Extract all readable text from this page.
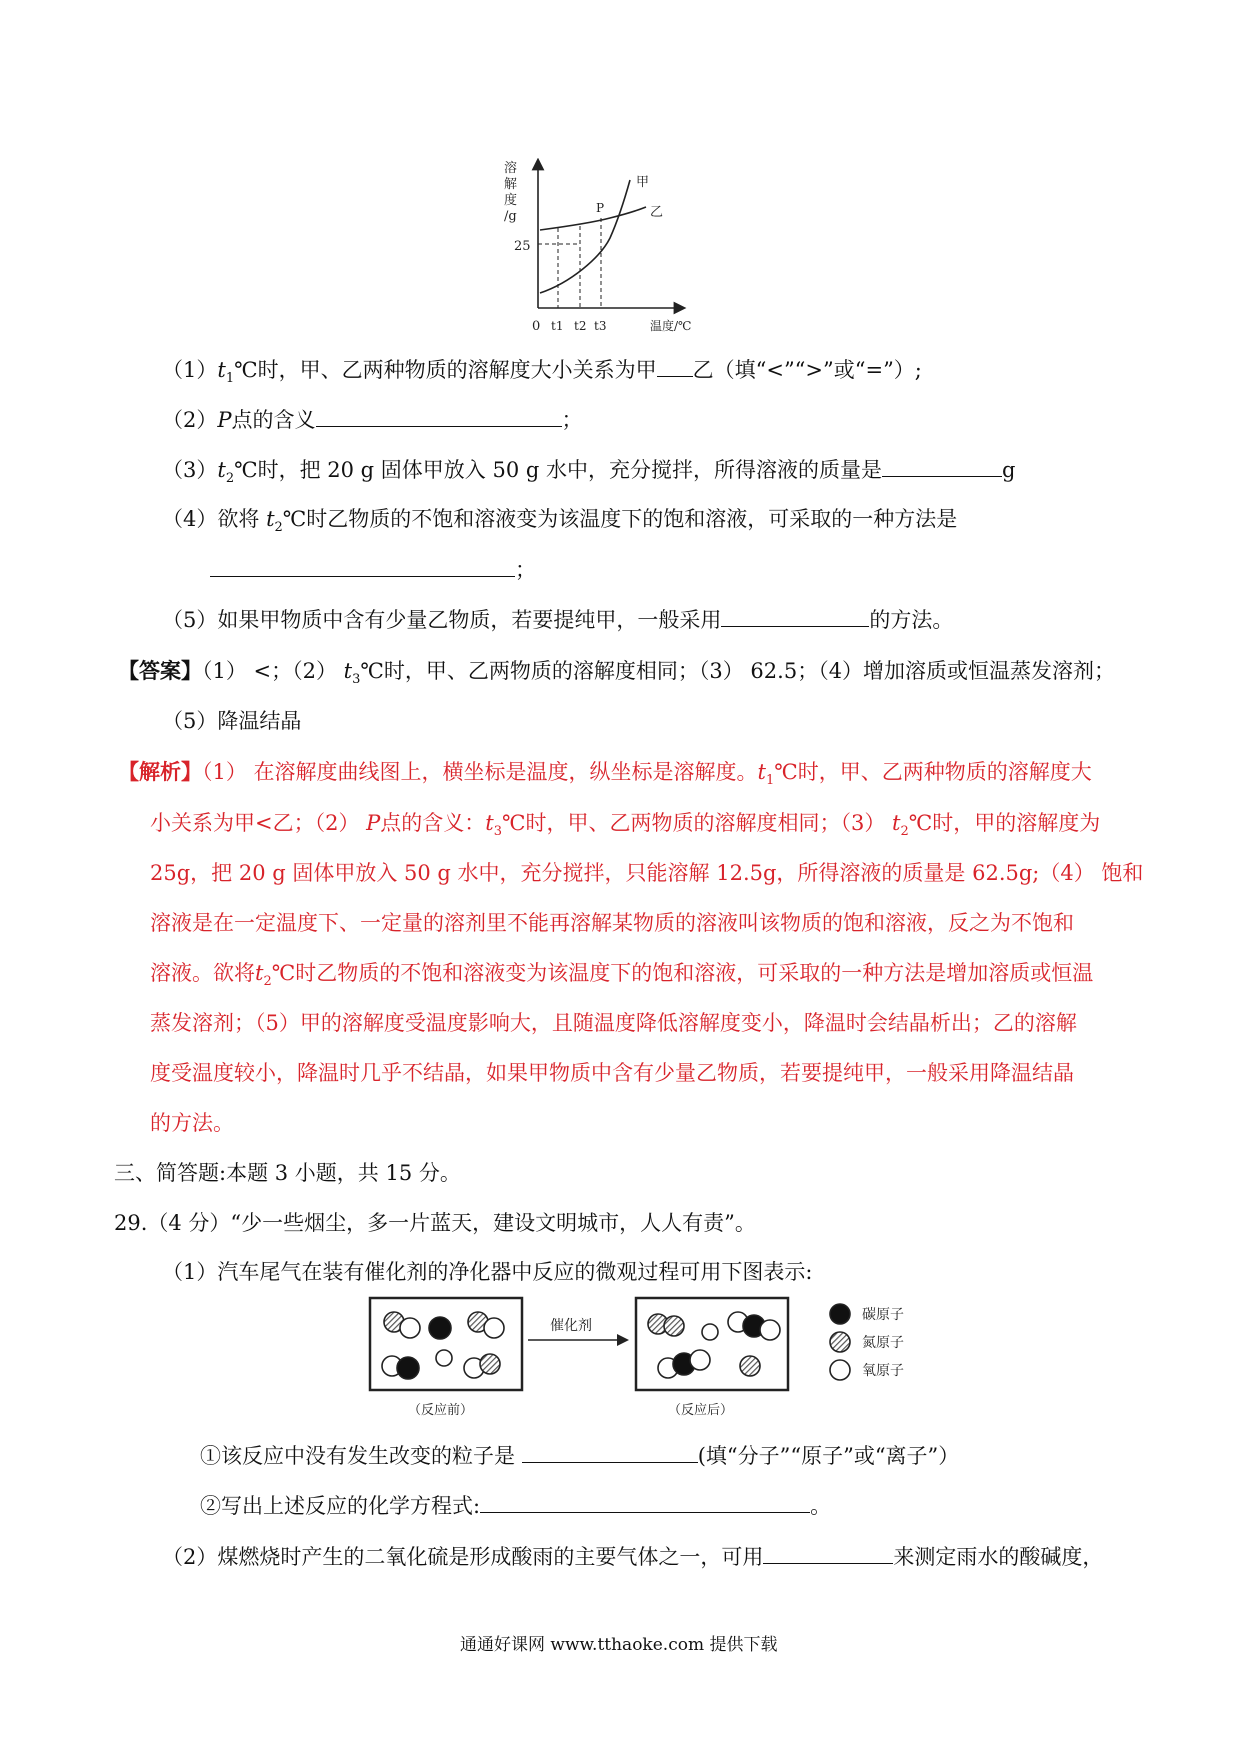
溶
解
度
/g
25
0 t1 t2 t3	温度/℃
甲
乙
P
$(1)t_1℃$时，甲、乙两种物质的溶解度大小关系为甲 乙（填“<”“>”或“=”）;
（2）P点的含义	；
$(3)t_2℃$时，把 20 g 固体甲放入 50 g 水中，充分搅拌，所得溶液的质量是	g
（4）欲将 $t_2℃$时乙物质的不饱和溶液变为该温度下的饱和溶液，可采取的一种方法是
；
（5）如果甲物质中含有少量乙物质，若要提纯甲，一般采用	的方法。
【答案】（1） <；（2） $t_3℃$时，甲、乙两物质的溶解度相同；（3） 62.5；（4）增加溶质或恒温蒸发溶剂；
（5）降温结晶
【解析】（1） 在溶解度曲线图上，横坐标是温度，纵坐标是溶解度。$t_1℃$时，甲、乙两种物质的溶解度大
小关系为甲<乙；（2） P点的含义：$t_3℃$时，甲、乙两物质的溶解度相同；（3） $t_2℃$时，甲的溶解度为
25g，把 20 g 固体甲放入 50 g 水中，充分搅拌，只能溶解 12.5g，所得溶液的质量是 62.5g;（4） 饱和
溶液是在一定温度下、一定量的溶剂里不能再溶解某物质的溶液叫该物质的饱和溶液，反之为不饱和
溶液。欲将$t_2℃$时乙物质的不饱和溶液变为该温度下的饱和溶液，可采取的一种方法是增加溶质或恒温
蒸发溶剂；（5）甲的溶解度受温度影响大，且随温度降低溶解度变小，降温时会结晶析出；乙的溶解
度受温度较小，降温时几乎不结晶，如果甲物质中含有少量乙物质，若要提纯甲，一般采用降温结晶
的方法。
三、简答题:本题 3 小题，共 15 分。
29.（4 分）“少一些烟尘，多一片蓝天，建设文明城市，人人有责”。
（1）汽车尾气在装有催化剂的净化器中反应的微观过程可用下图表示:
催化剂
（反应前）	（反应后）
碳原子
氮原子
氧原子
①该反应中没有发生改变的粒子是	(填“分子”“原子”或“离子”）
②写出上述反应的化学方程式:	。
（2）煤燃烧时产生的二氧化硫是形成酸雨的主要气体之一，可用	来测定雨水的酸碱度，
通通好课网 www.tthaoke.com 提供下载
